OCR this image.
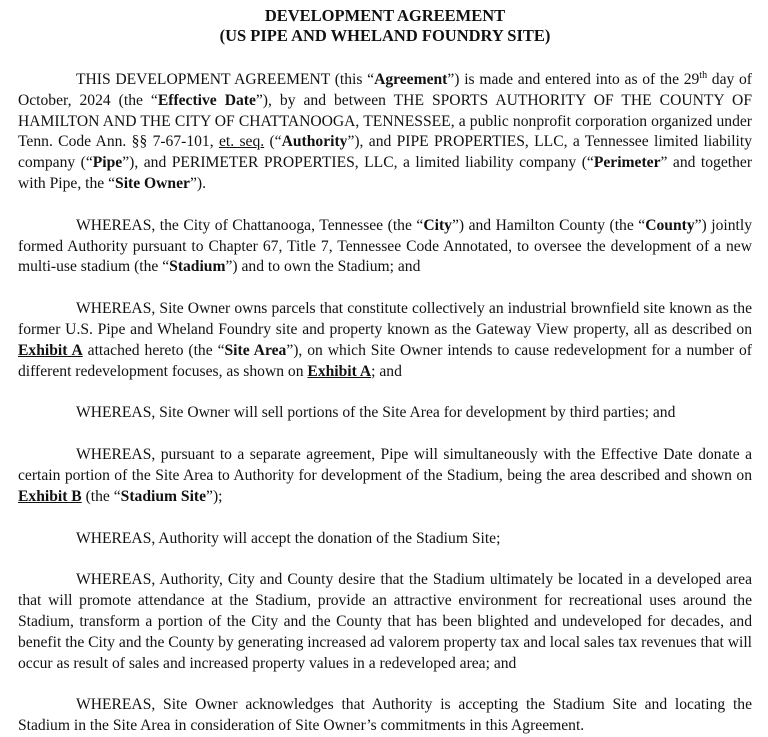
DEVELOPMENT AGREEMENT

(US PIPE AND WHELAND FOUNDRY SITE)

THIS DEVELOPMENT AGREEMENT (this “Agreement”) is made and entered into as of the 29th day of October, 2024 (the “Effective Date”), by and between THE SPORTS AUTHORITY OF THE COUNTY OF HAMILTON AND THE CITY OF CHATTANOOGA, TENNESSEE, a public nonprofit corporation organized under Tenn. Code Ann. §§ 7-67-101, et. seq. (“Authority”), and PIPE PROPERTIES, LLC, a Tennessee limited liability company (“Pipe”), and PERIMETER PROPERTIES, LLC, a limited liability company (“Perimeter” and together with Pipe, the “Site Owner”).

WHEREAS, the City of Chattanooga, Tennessee (the “City”) and Hamilton County (the “County”) jointly formed Authority pursuant to Chapter 67, Title 7, Tennessee Code Annotated, to oversee the development of a new multi-use stadium (the “Stadium”) and to own the Stadium; and

WHEREAS, Site Owner owns parcels that constitute collectively an industrial brownfield site known as the former U.S. Pipe and Wheland Foundry site and property known as the Gateway View property, all as described on Exhibit A attached hereto (the “Site Area”), on which Site Owner intends to cause redevelopment for a number of different redevelopment focuses, as shown on Exhibit A; and

WHEREAS, Site Owner will sell portions of the Site Area for development by third parties; and

WHEREAS, pursuant to a separate agreement, Pipe will simultaneously with the Effective Date donate a certain portion of the Site Area to Authority for development of the Stadium, being the area described and shown on Exhibit B (the “Stadium Site”);

WHEREAS, Authority will accept the donation of the Stadium Site;

WHEREAS, Authority, City and County desire that the Stadium ultimately be located in a developed area that will promote attendance at the Stadium, provide an attractive environment for recreational uses around the Stadium, transform a portion of the City and the County that has been blighted and undeveloped for decades, and benefit the City and the County by generating increased ad valorem property tax and local sales tax revenues that will occur as result of sales and increased property values in a redeveloped area; and

WHEREAS, Site Owner acknowledges that Authority is accepting the Stadium Site and locating the Stadium in the Site Area in consideration of Site Owner’s commitments in this Agreement.
